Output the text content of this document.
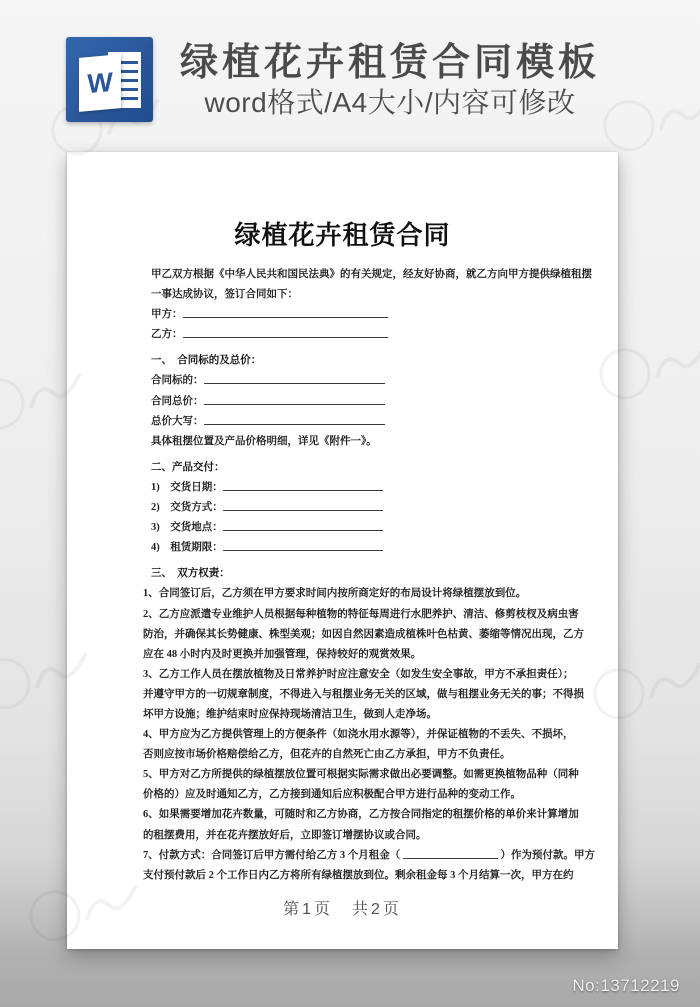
W	绿植花卉租赁合同模板
word格式/A4大小/内容可修改
绿植花卉租赁合同
甲乙双方根据《中华人民共和国民法典》的有关规定，经友好协商，就乙方向甲方提供绿植租摆
一事达成协议，签订合同如下：
甲方：
乙方：
一、　合同标的及总价：
合同标的：
合同总价：
总价大写：
具体租摆位置及产品价格明细，详见《附件一》。
二、产品交付：
1)　交货日期：
2)　交货方式：
3)　交货地点：
4)　租赁期限：
三、　双方权责：
1、合同签订后，乙方须在甲方要求时间内按所商定好的布局设计将绿植摆放到位。
2、乙方应派遣专业维护人员根据每种植物的特征每周进行水肥养护、清洁、修剪枝杈及病虫害
防治，并确保其长势健康、株型美观；如因自然因素造成植株叶色枯黄、萎缩等情况出现，乙方
应在 48 小时内及时更换并加强管理，保持较好的观赏效果。
3、乙方工作人员在摆放植物及日常养护时应注意安全（如发生安全事故，甲方不承担责任）；
并遵守甲方的一切规章制度，不得进入与租摆业务无关的区域，做与租摆业务无关的事；不得损
坏甲方设施；维护结束时应保持现场清洁卫生，做到人走净场。
4、甲方应为乙方提供管理上的方便条件（如浇水用水源等），并保证植物的不丢失、不损坏，
否则应按市场价格赔偿给乙方，但花卉的自然死亡由乙方承担，甲方不负责任。
5、甲方对乙方所提供的绿植摆放位置可根据实际需求做出必要调整。如需更换植物品种（同种
价格的）应及时通知乙方，乙方接到通知后应积极配合甲方进行品种的变动工作。
6、如果需要增加花卉数量，可随时和乙方协商，乙方按合同指定的租摆价格的单价来计算增加
的租摆费用，并在花卉摆放好后，立即签订增摆协议或合同。
7、付款方式：合同签订后甲方需付给乙方 3 个月租金（	）作为预付款。甲方
支付预付款后 2 个工作日内乙方将所有绿植摆放到位。剩余租金每 3 个月结算一次，甲方在约
第1页　共2页
No:13712219
